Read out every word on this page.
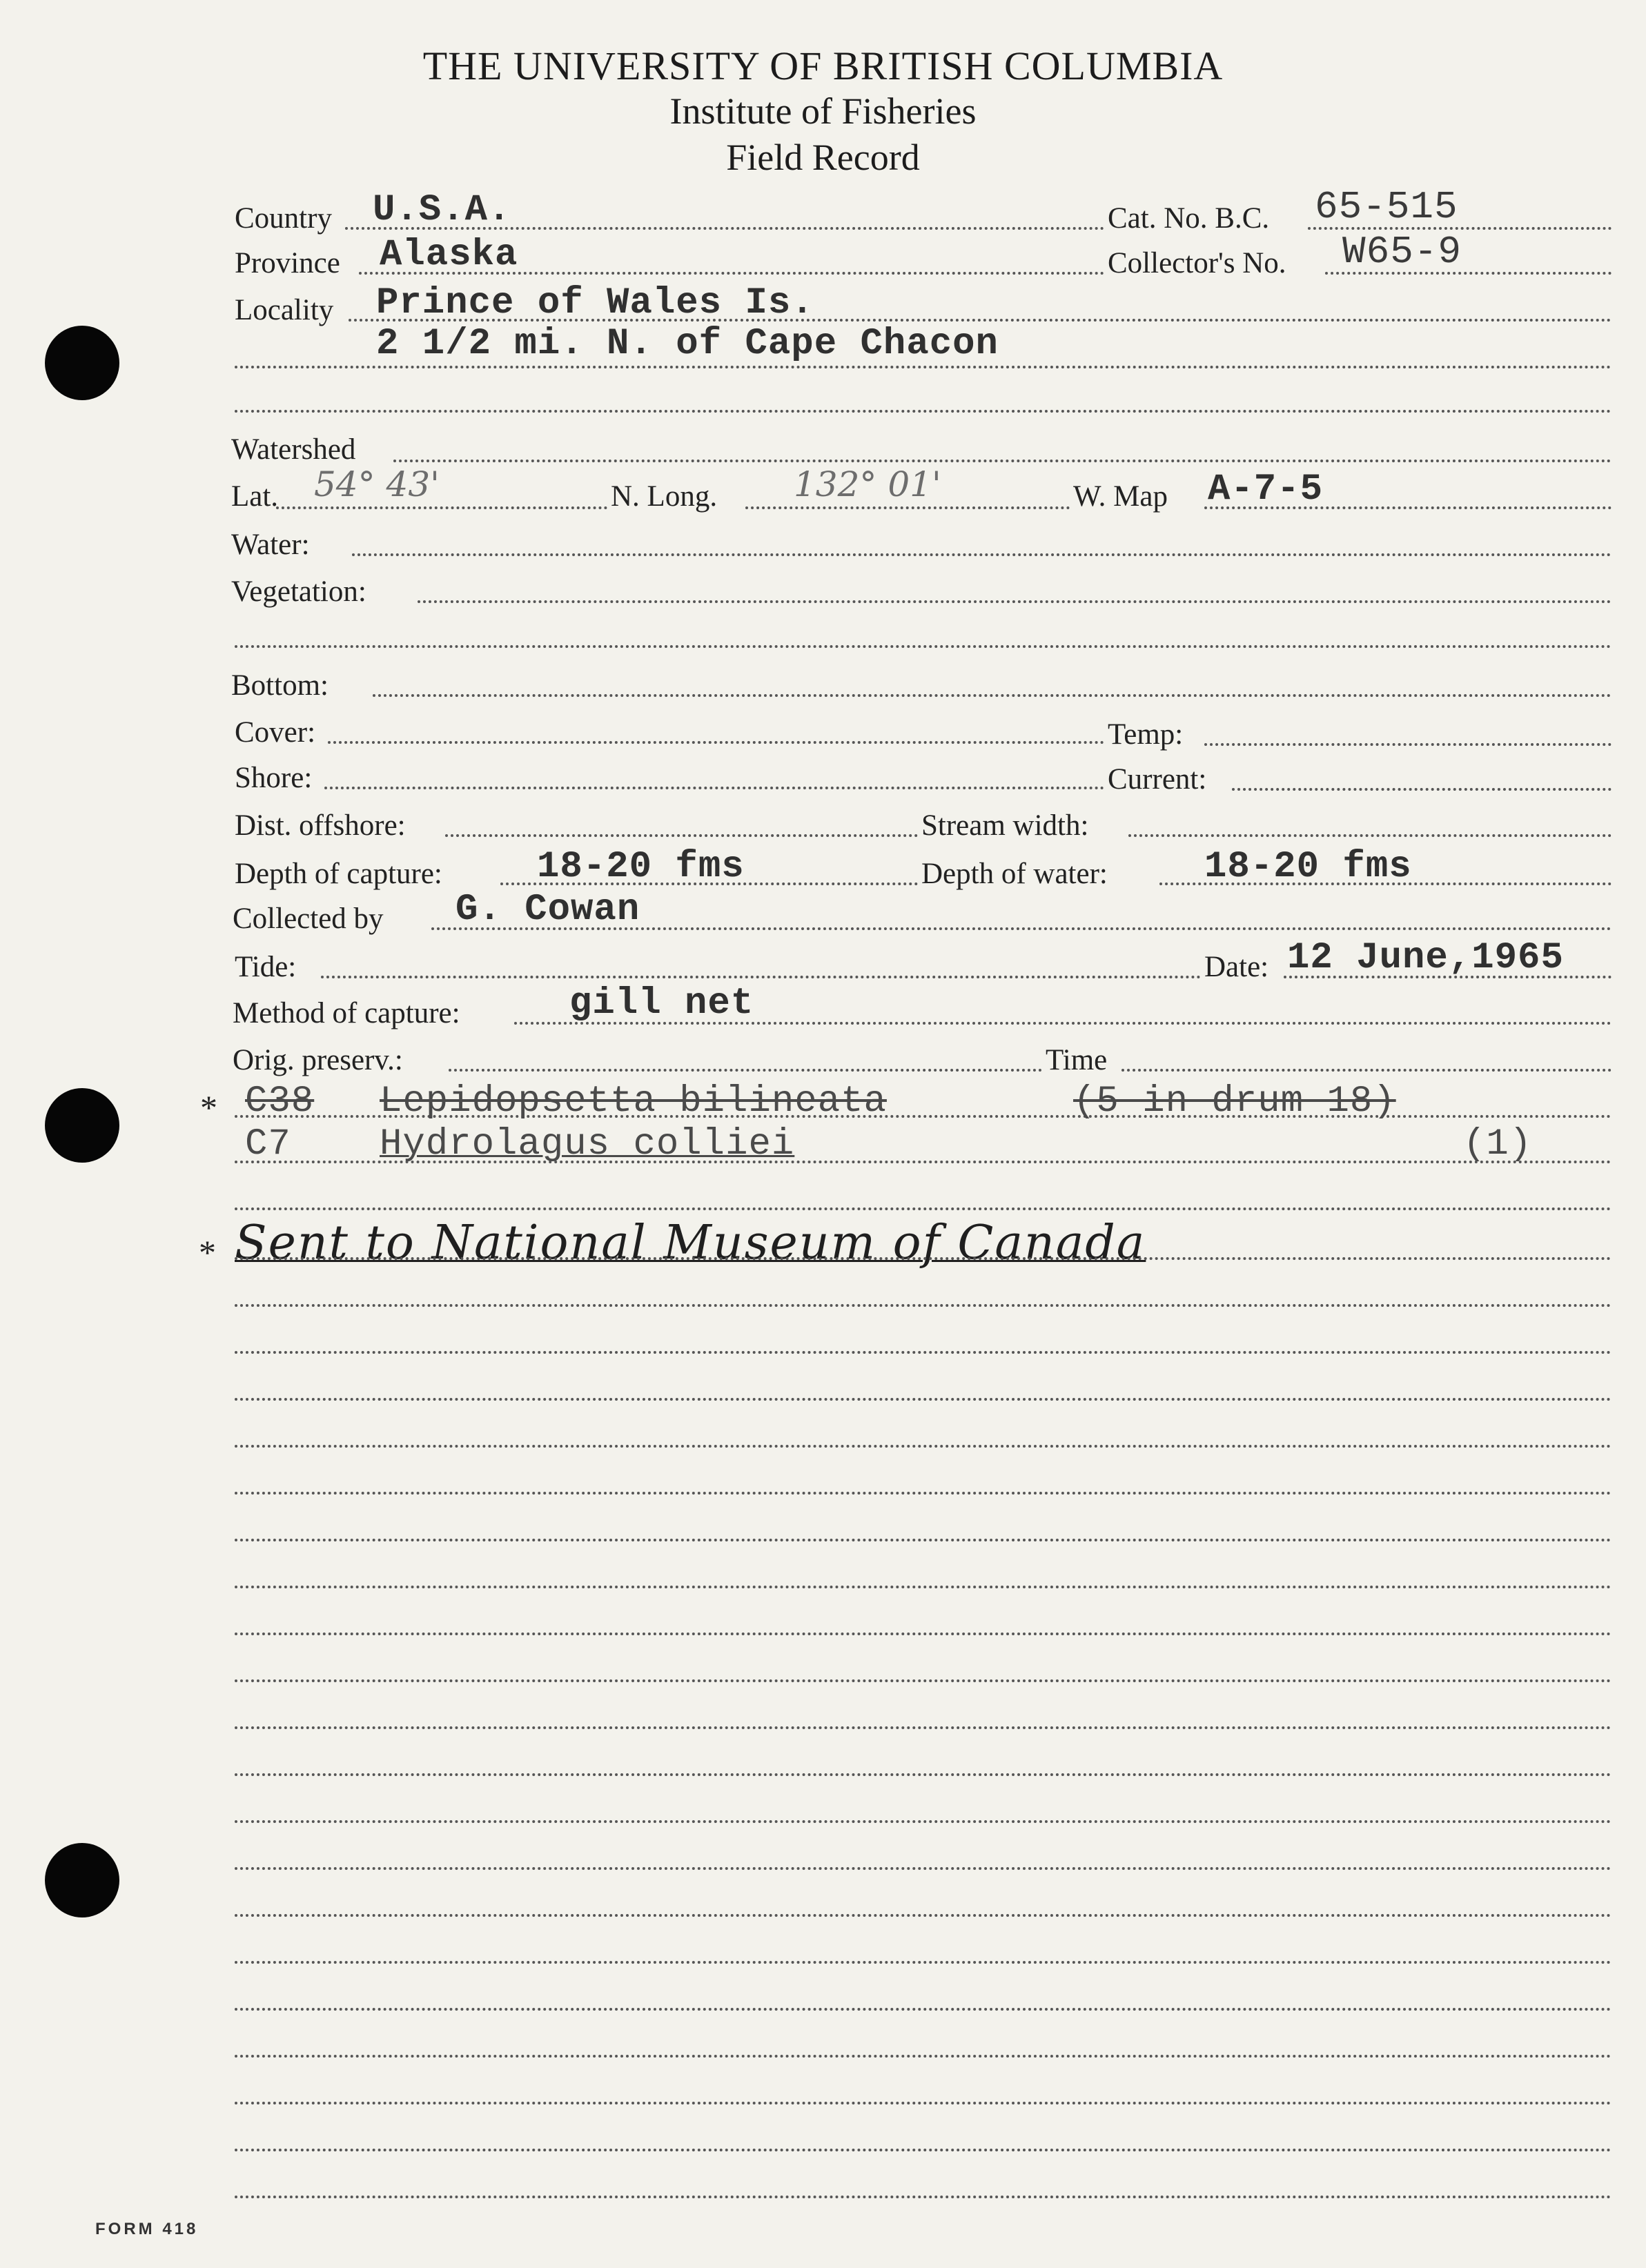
THE UNIVERSITY OF BRITISH COLUMBIA
Institute of Fisheries
Field Record
Country U.S.A.	Cat. No. B.C. 65-515
Province Alaska	Collector's No. W65-9
Locality Prince of Wales Is.
2 1/2 mi. N. of Cape Chacon
Watershed
Lat. 54° 43'	N. Long. 132° 01'	W. Map A-7-5
Water:
Vegetation:
Bottom:
Cover:	Temp:
Shore:	Current:
Dist. offshore:	Stream width:
Depth of capture:	18-20 fms	Depth of water:	18-20 fms
Collected by G. Cowan
Tide:	Date: 12 June,1965
Method of capture:	gill net
Orig. preserv.:	Time
* C38 Lepidopsetta bilineata	(5 in drum 18)
C7 Hydrolagus colliei	(1)
* Sent to National Museum of Canada
FORM 418
